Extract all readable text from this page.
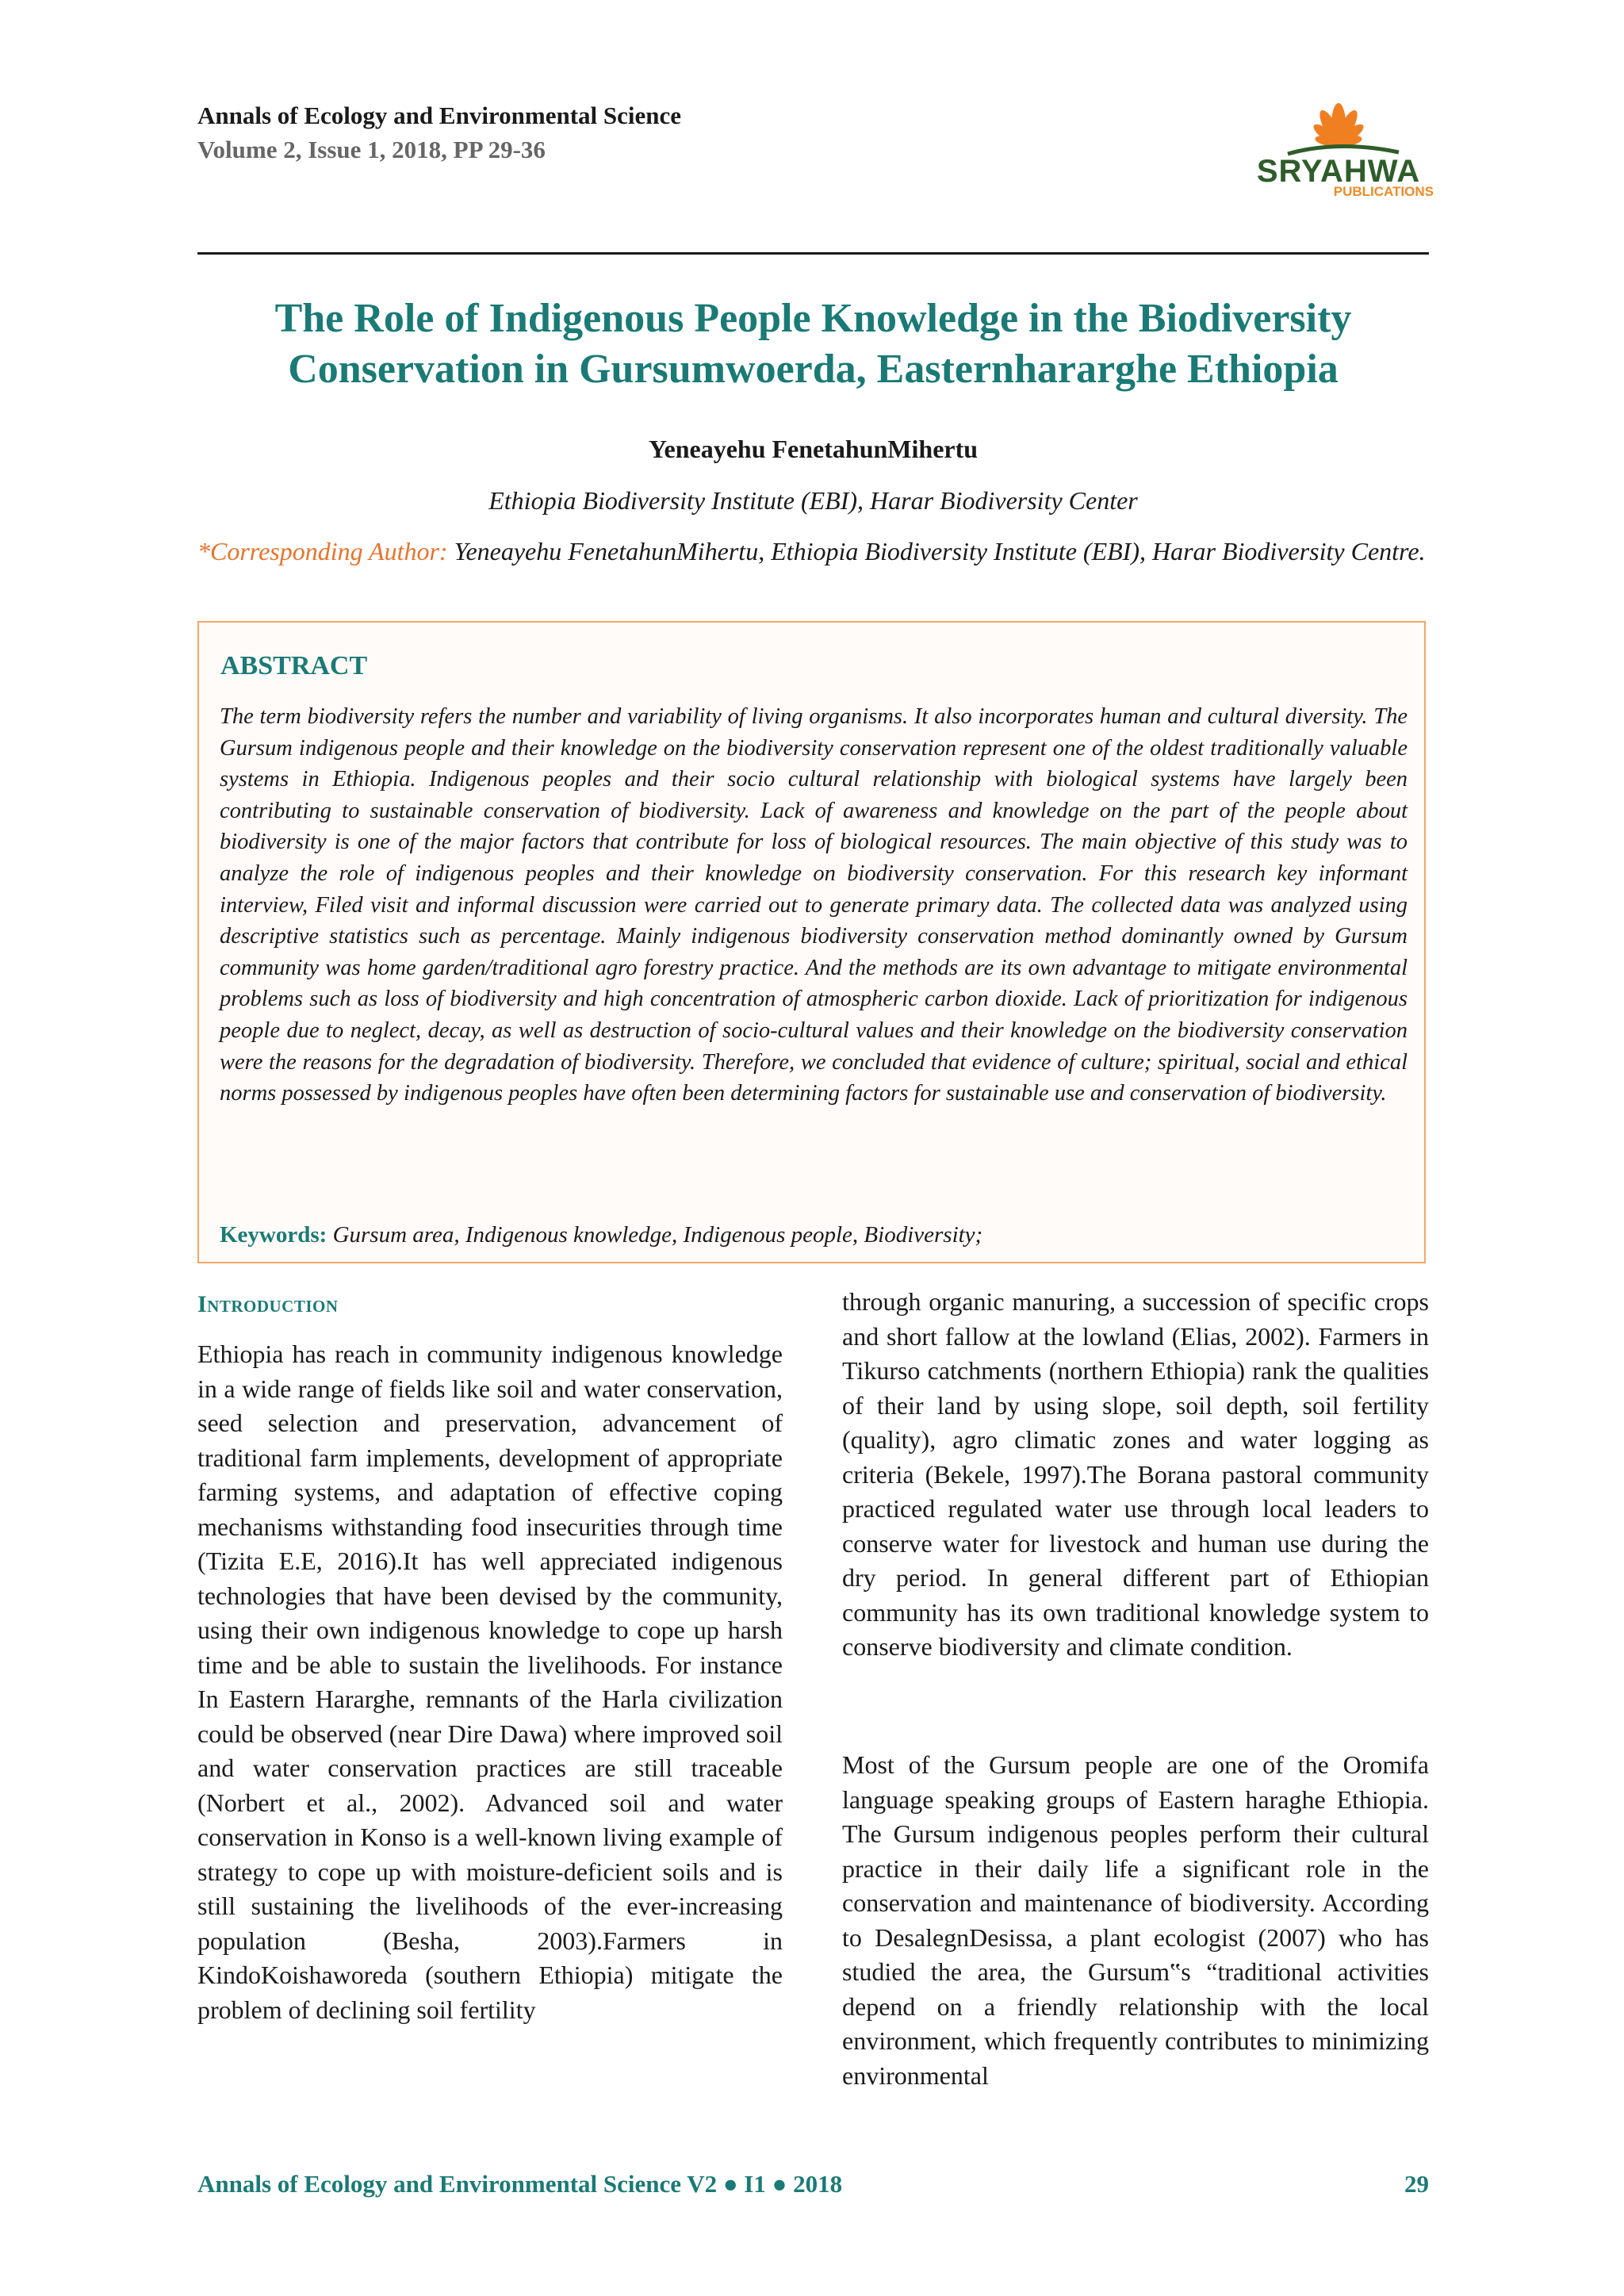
Annals of Ecology and Environmental Science
Volume 2, Issue 1, 2018, PP 29-36
SRYAHWA
PUBLICATIONS
The Role of Indigenous People Knowledge in the Biodiversity Conservation in Gursumwoerda, Easternhararghe Ethiopia
Yeneayehu FenetahunMihertu
Ethiopia Biodiversity Institute (EBI), Harar Biodiversity Center
*Corresponding Author: Yeneayehu FenetahunMihertu, Ethiopia Biodiversity Institute (EBI), Harar Biodiversity Centre.
ABSTRACT
The term biodiversity refers the number and variability of living organisms. It also incorporates human and cultural diversity. The Gursum indigenous people and their knowledge on the biodiversity conservation represent one of the oldest traditionally valuable systems in Ethiopia. Indigenous peoples and their socio cultural relationship with biological systems have largely been contributing to sustainable conservation of biodiversity. Lack of awareness and knowledge on the part of the people about biodiversity is one of the major factors that contribute for loss of biological resources. The main objective of this study was to analyze the role of indigenous peoples and their knowledge on biodiversity conservation. For this research key informant interview, Filed visit and informal discussion were carried out to generate primary data. The collected data was analyzed using descriptive statistics such as percentage. Mainly indigenous biodiversity conservation method dominantly owned by Gursum community was home garden/traditional agro forestry practice. And the methods are its own advantage to mitigate environmental problems such as loss of biodiversity and high concentration of atmospheric carbon dioxide. Lack of prioritization for indigenous people due to neglect, decay, as well as destruction of socio-cultural values and their knowledge on the biodiversity conservation were the reasons for the degradation of biodiversity. Therefore, we concluded that evidence of culture; spiritual, social and ethical norms possessed by indigenous peoples have often been determining factors for sustainable use and conservation of biodiversity.
Keywords: Gursum area, Indigenous knowledge, Indigenous people, Biodiversity;
Introduction

Ethiopia has reach in community indigenous knowledge in a wide range of fields like soil and water conservation, seed selection and preservation, advancement of traditional farm implements, development of appropriate farming systems, and adaptation of effective coping mechanisms withstanding food insecurities through time (Tizita E.E, 2016).It has well appreciated indigenous technologies that have been devised by the community, using their own indigenous knowledge to cope up harsh time and be able to sustain the livelihoods. For instance In Eastern Hararghe, remnants of the Harla civilization could be observed (near Dire Dawa) where improved soil and water conservation practices are still traceable (Norbert et al., 2002). Advanced soil and water conservation in Konso is a well-known living example of strategy to cope up with moisture-deficient soils and is still sustaining the livelihoods of the ever-increasing population (Besha, 2003).Farmers in KindoKoishaworeda (southern Ethiopia) mitigate the problem of declining soil fertility

through organic manuring, a succession of specific crops and short fallow at the lowland (Elias, 2002). Farmers in Tikurso catchments (northern Ethiopia) rank the qualities of their land by using slope, soil depth, soil fertility (quality), agro climatic zones and water logging as criteria (Bekele, 1997).The Borana pastoral community practiced regulated water use through local leaders to conserve water for livestock and human use during the dry period. In general different part of Ethiopian community has its own traditional knowledge system to conserve biodiversity and climate condition.

Most of the Gursum people are one of the Oromifa language speaking groups of Eastern haraghe Ethiopia. The Gursum indigenous peoples perform their cultural practice in their daily life a significant role in the conservation and maintenance of biodiversity. According to DesalegnDesissa, a plant ecologist (2007) who has studied the area, the Gursum‟s “traditional activities depend on a friendly relationship with the local environment, which frequently contributes to minimizing environmental

Annals of Ecology and Environmental Science V2 ● I1 ● 2018	29
